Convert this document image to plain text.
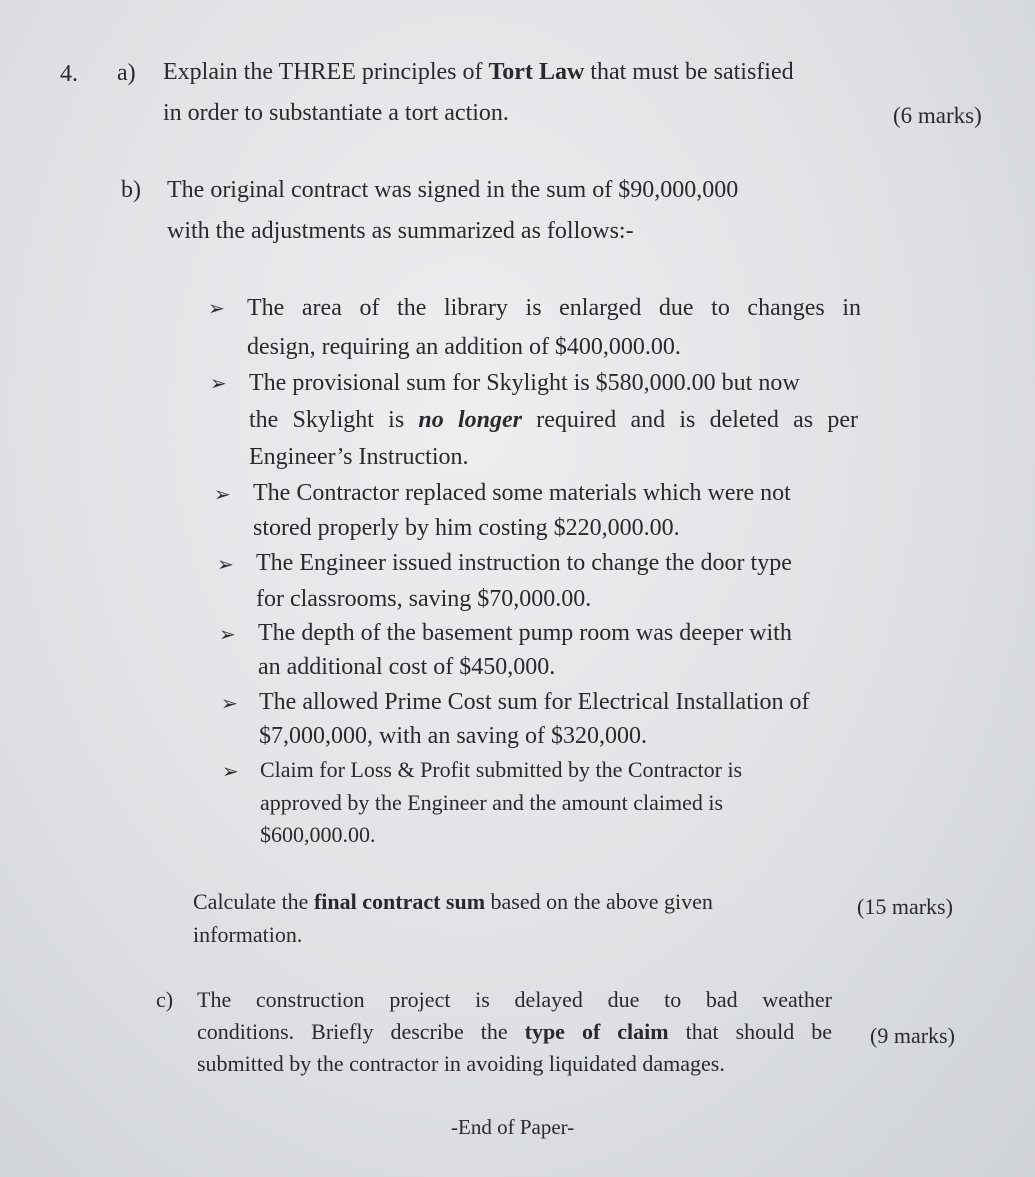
4. a) Explain the THREE principles of Tort Law that must be satisfied
in order to substantiate a tort action.	(6 marks)
b) The original contract was signed in the sum of $90,000,000
with the adjustments as summarized as follows:-
➢ The area of the library is enlarged due to changes in
design, requiring an addition of $400,000.00.
➢ The provisional sum for Skylight is $580,000.00 but now
the Skylight is no longer required and is deleted as per
Engineer’s Instruction.
➢ The Contractor replaced some materials which were not
stored properly by him costing $220,000.00.
➢ The Engineer issued instruction to change the door type
for classrooms, saving $70,000.00.
➢ The depth of the basement pump room was deeper with
an additional cost of $450,000.
➢ The allowed Prime Cost sum for Electrical Installation of
$7,000,000, with an saving of $320,000.
➢ Claim for Loss & Profit submitted by the Contractor is
approved by the Engineer and the amount claimed is
$600,000.00.
Calculate the final contract sum based on the above given
information.
(15 marks)
c) The construction project is delayed due to bad weather
conditions. Briefly describe the type of claim that should be
submitted by the contractor in avoiding liquidated damages.
(9 marks)
-End of Paper-
